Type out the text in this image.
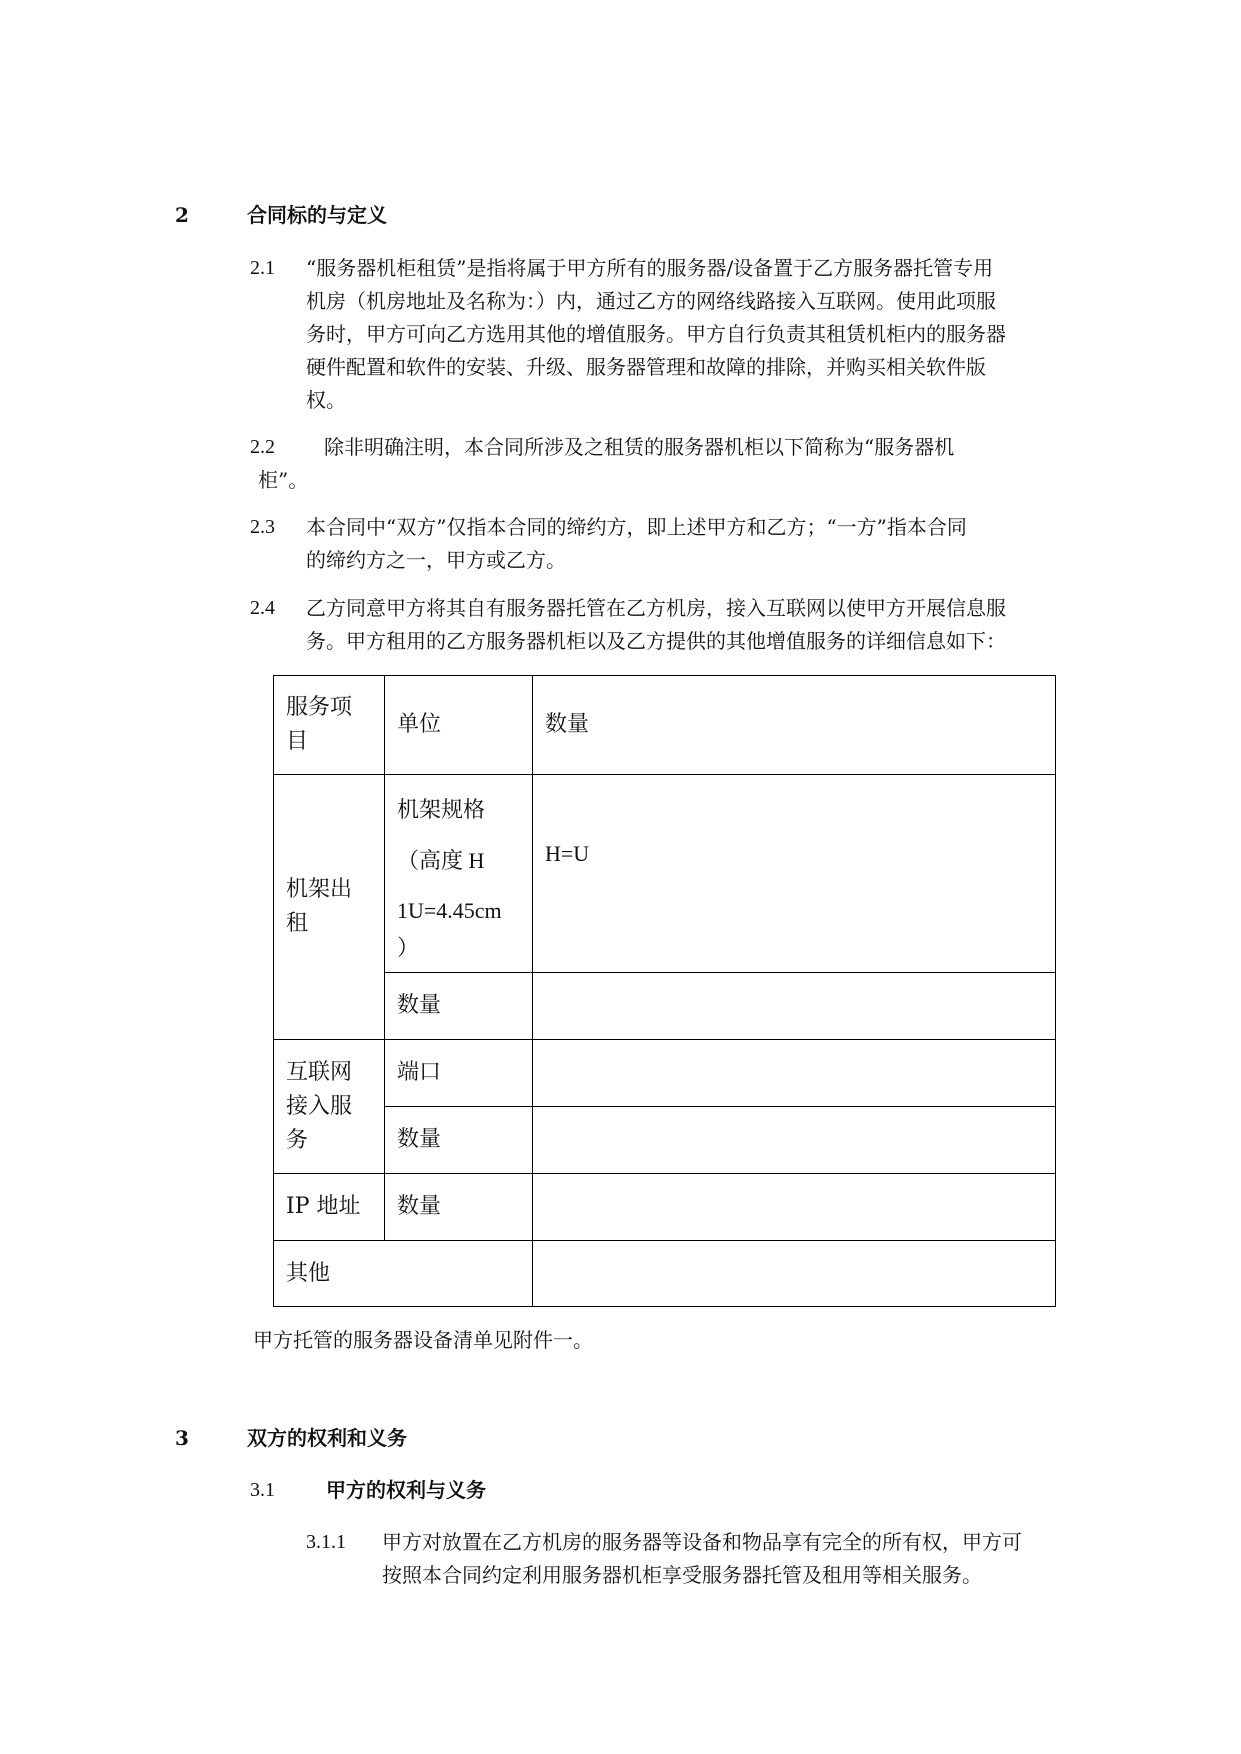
2	合同标的与定义
2.1 “服务器机柜租赁”是指将属于甲方所有的服务器/设备置于乙方服务器托管专用
机房（机房地址及名称为：）内，通过乙方的网络线路接入互联网。使用此项服
务时，甲方可向乙方选用其他的增值服务。甲方自行负责其租赁机柜内的服务器
硬件配置和软件的安装、升级、服务器管理和故障的排除，并购买相关软件版
权。
2.2	除非明确注明，本合同所涉及之租赁的服务器机柜以下简称为“服务器机
柜”。
2.3 本合同中“双方”仅指本合同的缔约方，即上述甲方和乙方；“一方”指本合同
的缔约方之一，甲方或乙方。
2.4 乙方同意甲方将其自有服务器托管在乙方机房，接入互联网以使甲方开展信息服
务。甲方租用的乙方服务器机柜以及乙方提供的其他增值服务的详细信息如下：
服务项
目	单位	数量

机架出
租	机架规格
（高度 H
1U=4.45cm
）	H=U
	数量	

互联网
接入服
务	端口	
	数量	
IP 地址	数量	
其他		
甲方托管的服务器设备清单见附件一。
3	双方的权利和义务
3.1	甲方的权利与义务
3.1.1 甲方对放置在乙方机房的服务器等设备和物品享有完全的所有权，甲方可
按照本合同约定利用服务器机柜享受服务器托管及租用等相关服务。
